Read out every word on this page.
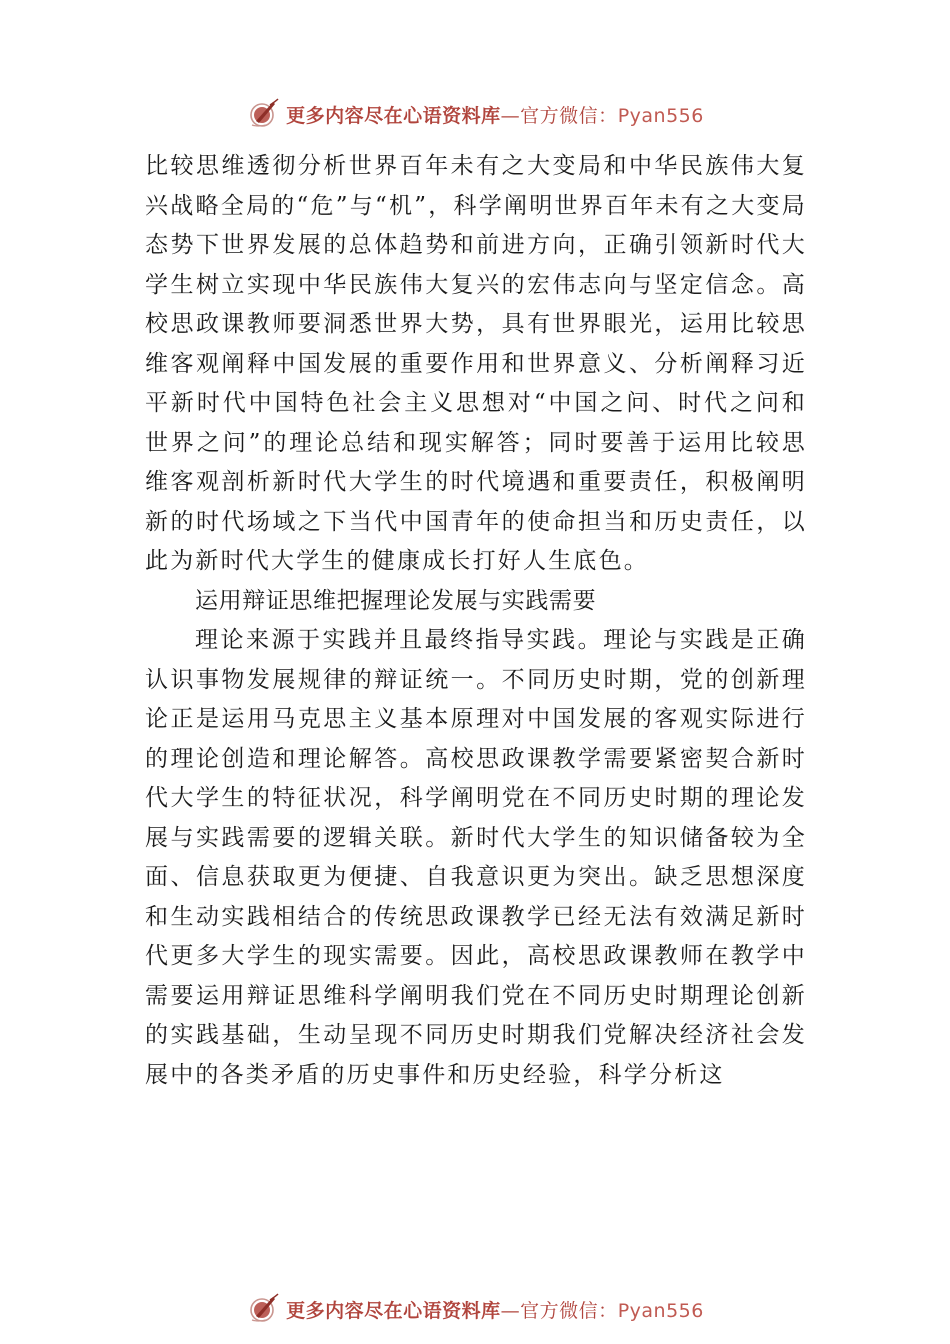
更多内容尽在心语资料库—官方微信：Pyan556

比较思维透彻分析世界百年未有之大变局和中华民族伟大复兴战略全局的“危”与“机”，科学阐明世界百年未有之大变局态势下世界发展的总体趋势和前进方向，正确引领新时代大学生树立实现中华民族伟大复兴的宏伟志向与坚定信念。高校思政课教师要洞悉世界大势，具有世界眼光，运用比较思维客观阐释中国发展的重要作用和世界意义、分析阐释习近平新时代中国特色社会主义思想对“中国之问、时代之问和世界之问”的理论总结和现实解答；同时要善于运用比较思维客观剖析新时代大学生的时代境遇和重要责任，积极阐明新的时代场域之下当代中国青年的使命担当和历史责任，以此为新时代大学生的健康成长打好人生底色。

运用辩证思维把握理论发展与实践需要

理论来源于实践并且最终指导实践。理论与实践是正确认识事物发展规律的辩证统一。不同历史时期，党的创新理论正是运用马克思主义基本原理对中国发展的客观实际进行的理论创造和理论解答。高校思政课教学需要紧密契合新时代大学生的特征状况，科学阐明党在不同历史时期的理论发展与实践需要的逻辑关联。新时代大学生的知识储备较为全面、信息获取更为便捷、自我意识更为突出。缺乏思想深度和生动实践相结合的传统思政课教学已经无法有效满足新时代更多大学生的现实需要。因此，高校思政课教师在教学中需要运用辩证思维科学阐明我们党在不同历史时期理论创新的实践基础，生动呈现不同历史时期我们党解决经济社会发展中的各类矛盾的历史事件和历史经验，科学分析这

更多内容尽在心语资料库—官方微信：Pyan556
